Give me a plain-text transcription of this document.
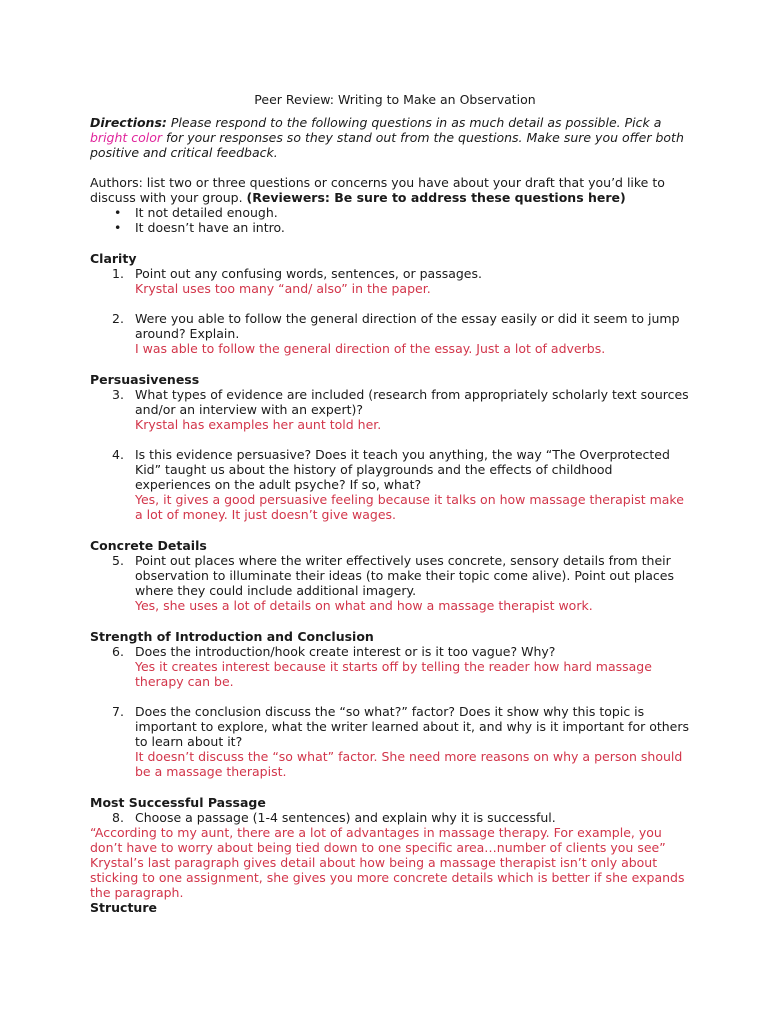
Peer Review: Writing to Make an Observation

Directions: Please respond to the following questions in as much detail as possible. Pick a bright color for your responses so they stand out from the questions. Make sure you offer both positive and critical feedback.

Authors: list two or three questions or concerns you have about your draft that you’d like to discuss with your group. (Reviewers: Be sure to address these questions here)
• It not detailed enough.
• It doesn’t have an intro.
Clarity
1. Point out any confusing words, sentences, or passages.
Krystal uses too many “and/ also” in the paper.
2. Were you able to follow the general direction of the essay easily or did it seem to jump around? Explain.
I was able to follow the general direction of the essay. Just a lot of adverbs.
Persuasiveness
3. What types of evidence are included (research from appropriately scholarly text sources and/or an interview with an expert)?
Krystal has examples her aunt told her.
4. Is this evidence persuasive? Does it teach you anything, the way “The Overprotected Kid” taught us about the history of playgrounds and the effects of childhood experiences on the adult psyche? If so, what?
Yes, it gives a good persuasive feeling because it talks on how massage therapist make a lot of money. It just doesn’t give wages.
Concrete Details
5. Point out places where the writer effectively uses concrete, sensory details from their observation to illuminate their ideas (to make their topic come alive). Point out places where they could include additional imagery.
Yes, she uses a lot of details on what and how a massage therapist work.
Strength of Introduction and Conclusion
6. Does the introduction/hook create interest or is it too vague? Why?
Yes it creates interest because it starts off by telling the reader how hard massage therapy can be.
7. Does the conclusion discuss the “so what?” factor? Does it show why this topic is important to explore, what the writer learned about it, and why is it important for others to learn about it?
It doesn’t discuss the “so what” factor. She need more reasons on why a person should be a massage therapist.
Most Successful Passage
8. Choose a passage (1-4 sentences) and explain why it is successful.
“According to my aunt, there are a lot of advantages in massage therapy. For example, you don’t have to worry about being tied down to one specific area…number of clients you see” Krystal’s last paragraph gives detail about how being a massage therapist isn’t only about sticking to one assignment, she gives you more concrete details which is better if she expands the paragraph.
Structure
